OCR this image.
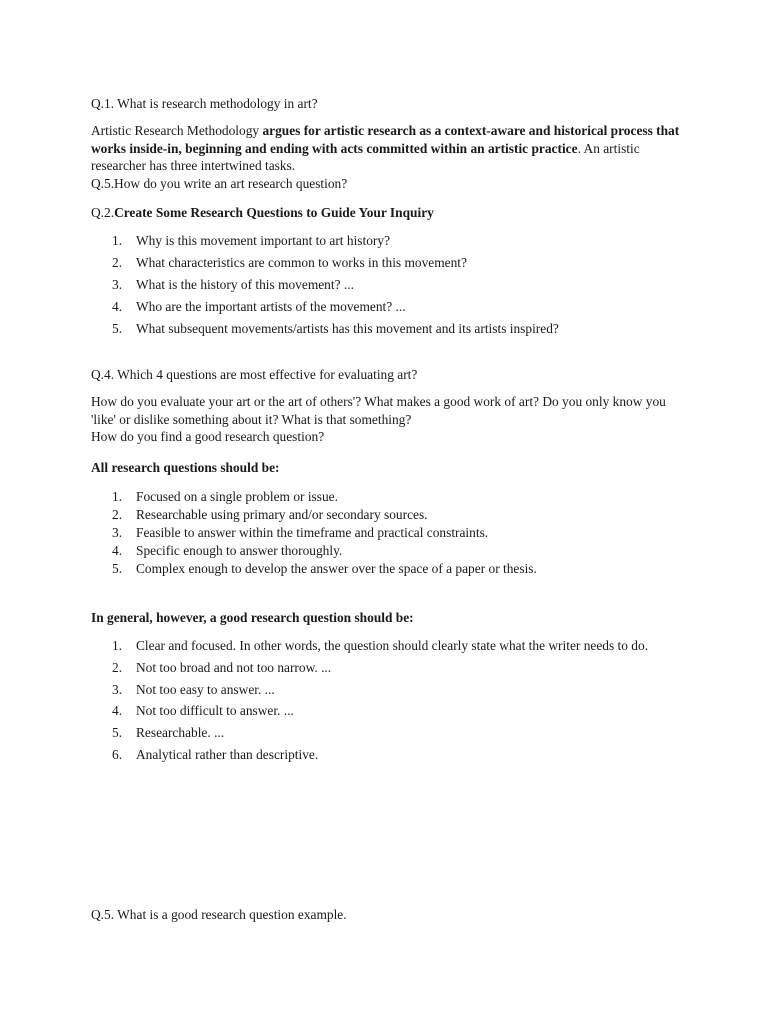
Q.1. What is research methodology in art?

Artistic Research Methodology argues for artistic research as a context-aware and historical process that works inside-in, beginning and ending with acts committed within an artistic practice. An artistic researcher has three intertwined tasks.
Q.5.How do you write an art research question?

Q.2.Create Some Research Questions to Guide Your Inquiry

1. Why is this movement important to art history?
2. What characteristics are common to works in this movement?
3. What is the history of this movement? ...
4. Who are the important artists of the movement? ...
5. What subsequent movements/artists has this movement and its artists inspired?

Q.4. Which 4 questions are most effective for evaluating art?

How do you evaluate your art or the art of others'? What makes a good work of art? Do you only know you 'like' or dislike something about it? What is that something?
How do you find a good research question?

All research questions should be:

1. Focused on a single problem or issue.
2. Researchable using primary and/or secondary sources.
3. Feasible to answer within the timeframe and practical constraints.
4. Specific enough to answer thoroughly.
5. Complex enough to develop the answer over the space of a paper or thesis.

In general, however, a good research question should be:

1. Clear and focused. In other words, the question should clearly state what the writer needs to do.
2. Not too broad and not too narrow. ...
3. Not too easy to answer. ...
4. Not too difficult to answer. ...
5. Researchable. ...
6. Analytical rather than descriptive.

Q.5. What is a good research question example.
